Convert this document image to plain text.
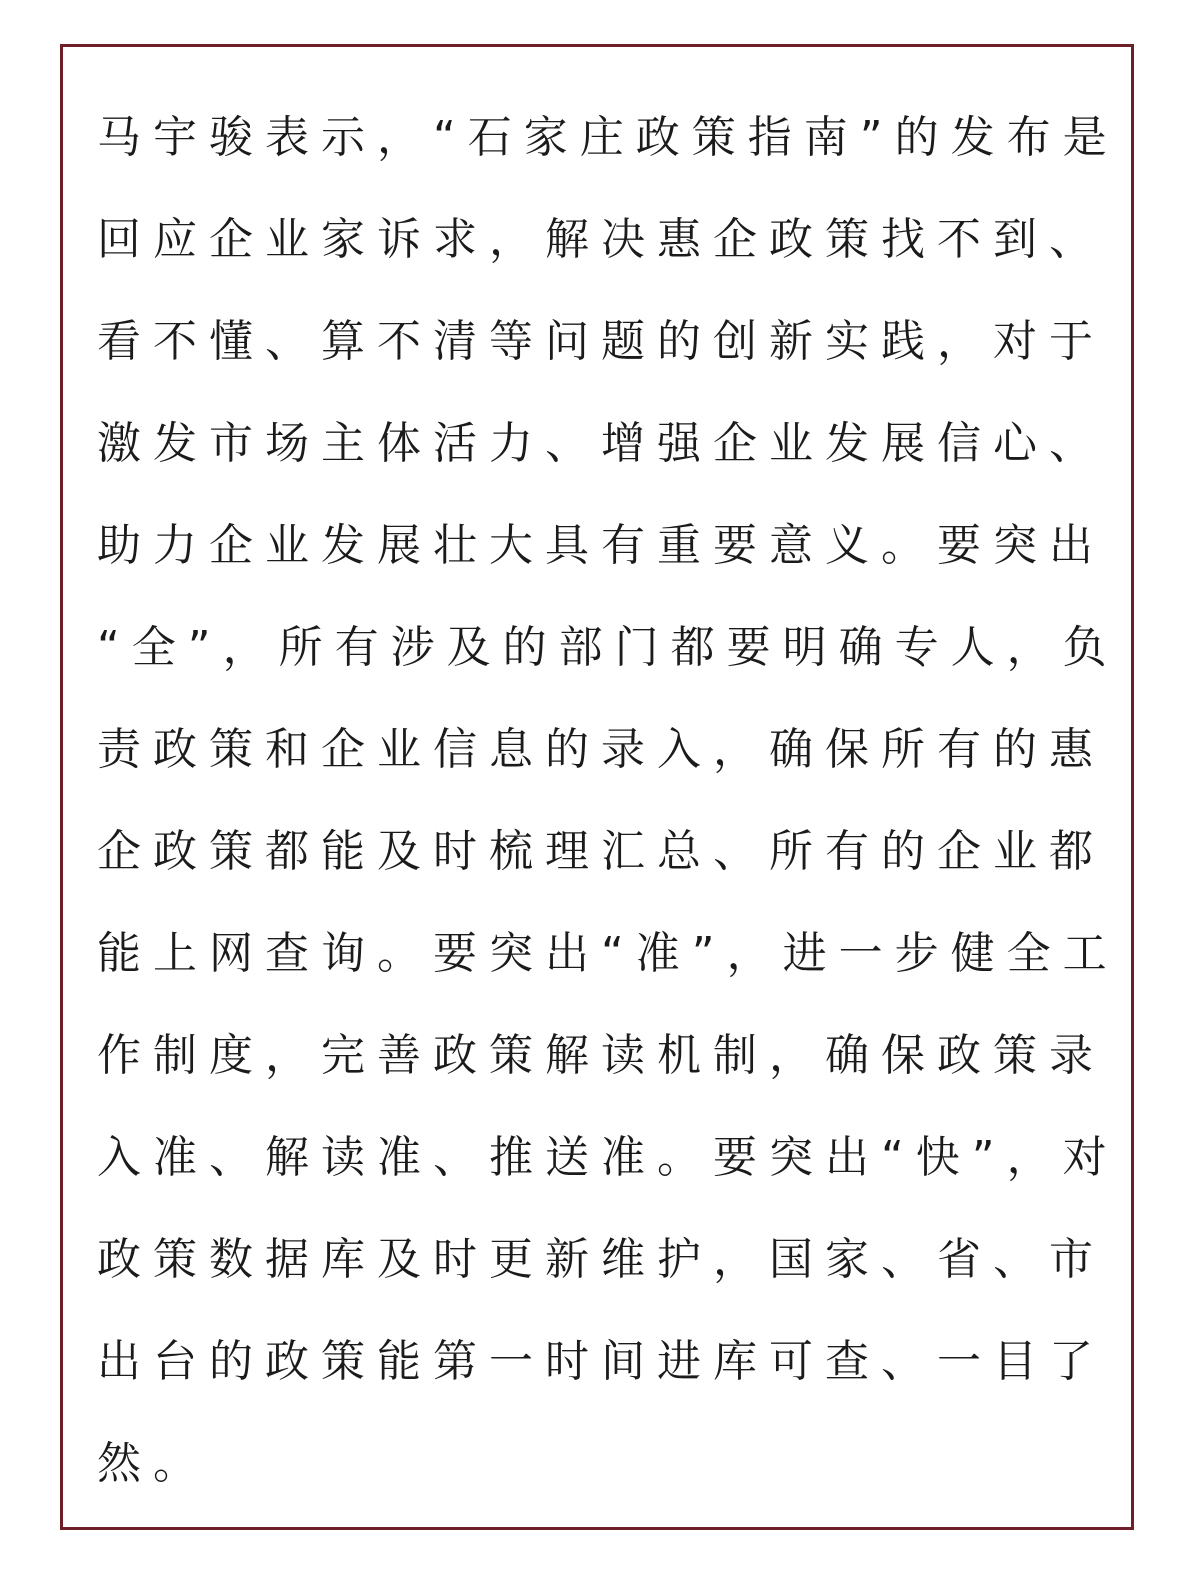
马宇骏表示，“石家庄政策指南”的发布是
回应企业家诉求，解决惠企政策找不到、
看不懂、算不清等问题的创新实践，对于
激发市场主体活力、增强企业发展信心、
助力企业发展壮大具有重要意义。要突出
“全”，所有涉及的部门都要明确专人，负
责政策和企业信息的录入，确保所有的惠
企政策都能及时梳理汇总、所有的企业都
能上网查询。要突出“准”，进一步健全工
作制度，完善政策解读机制，确保政策录
入准、解读准、推送准。要突出“快”，对
政策数据库及时更新维护，国家、省、市
出台的政策能第一时间进库可查、一目了
然。
